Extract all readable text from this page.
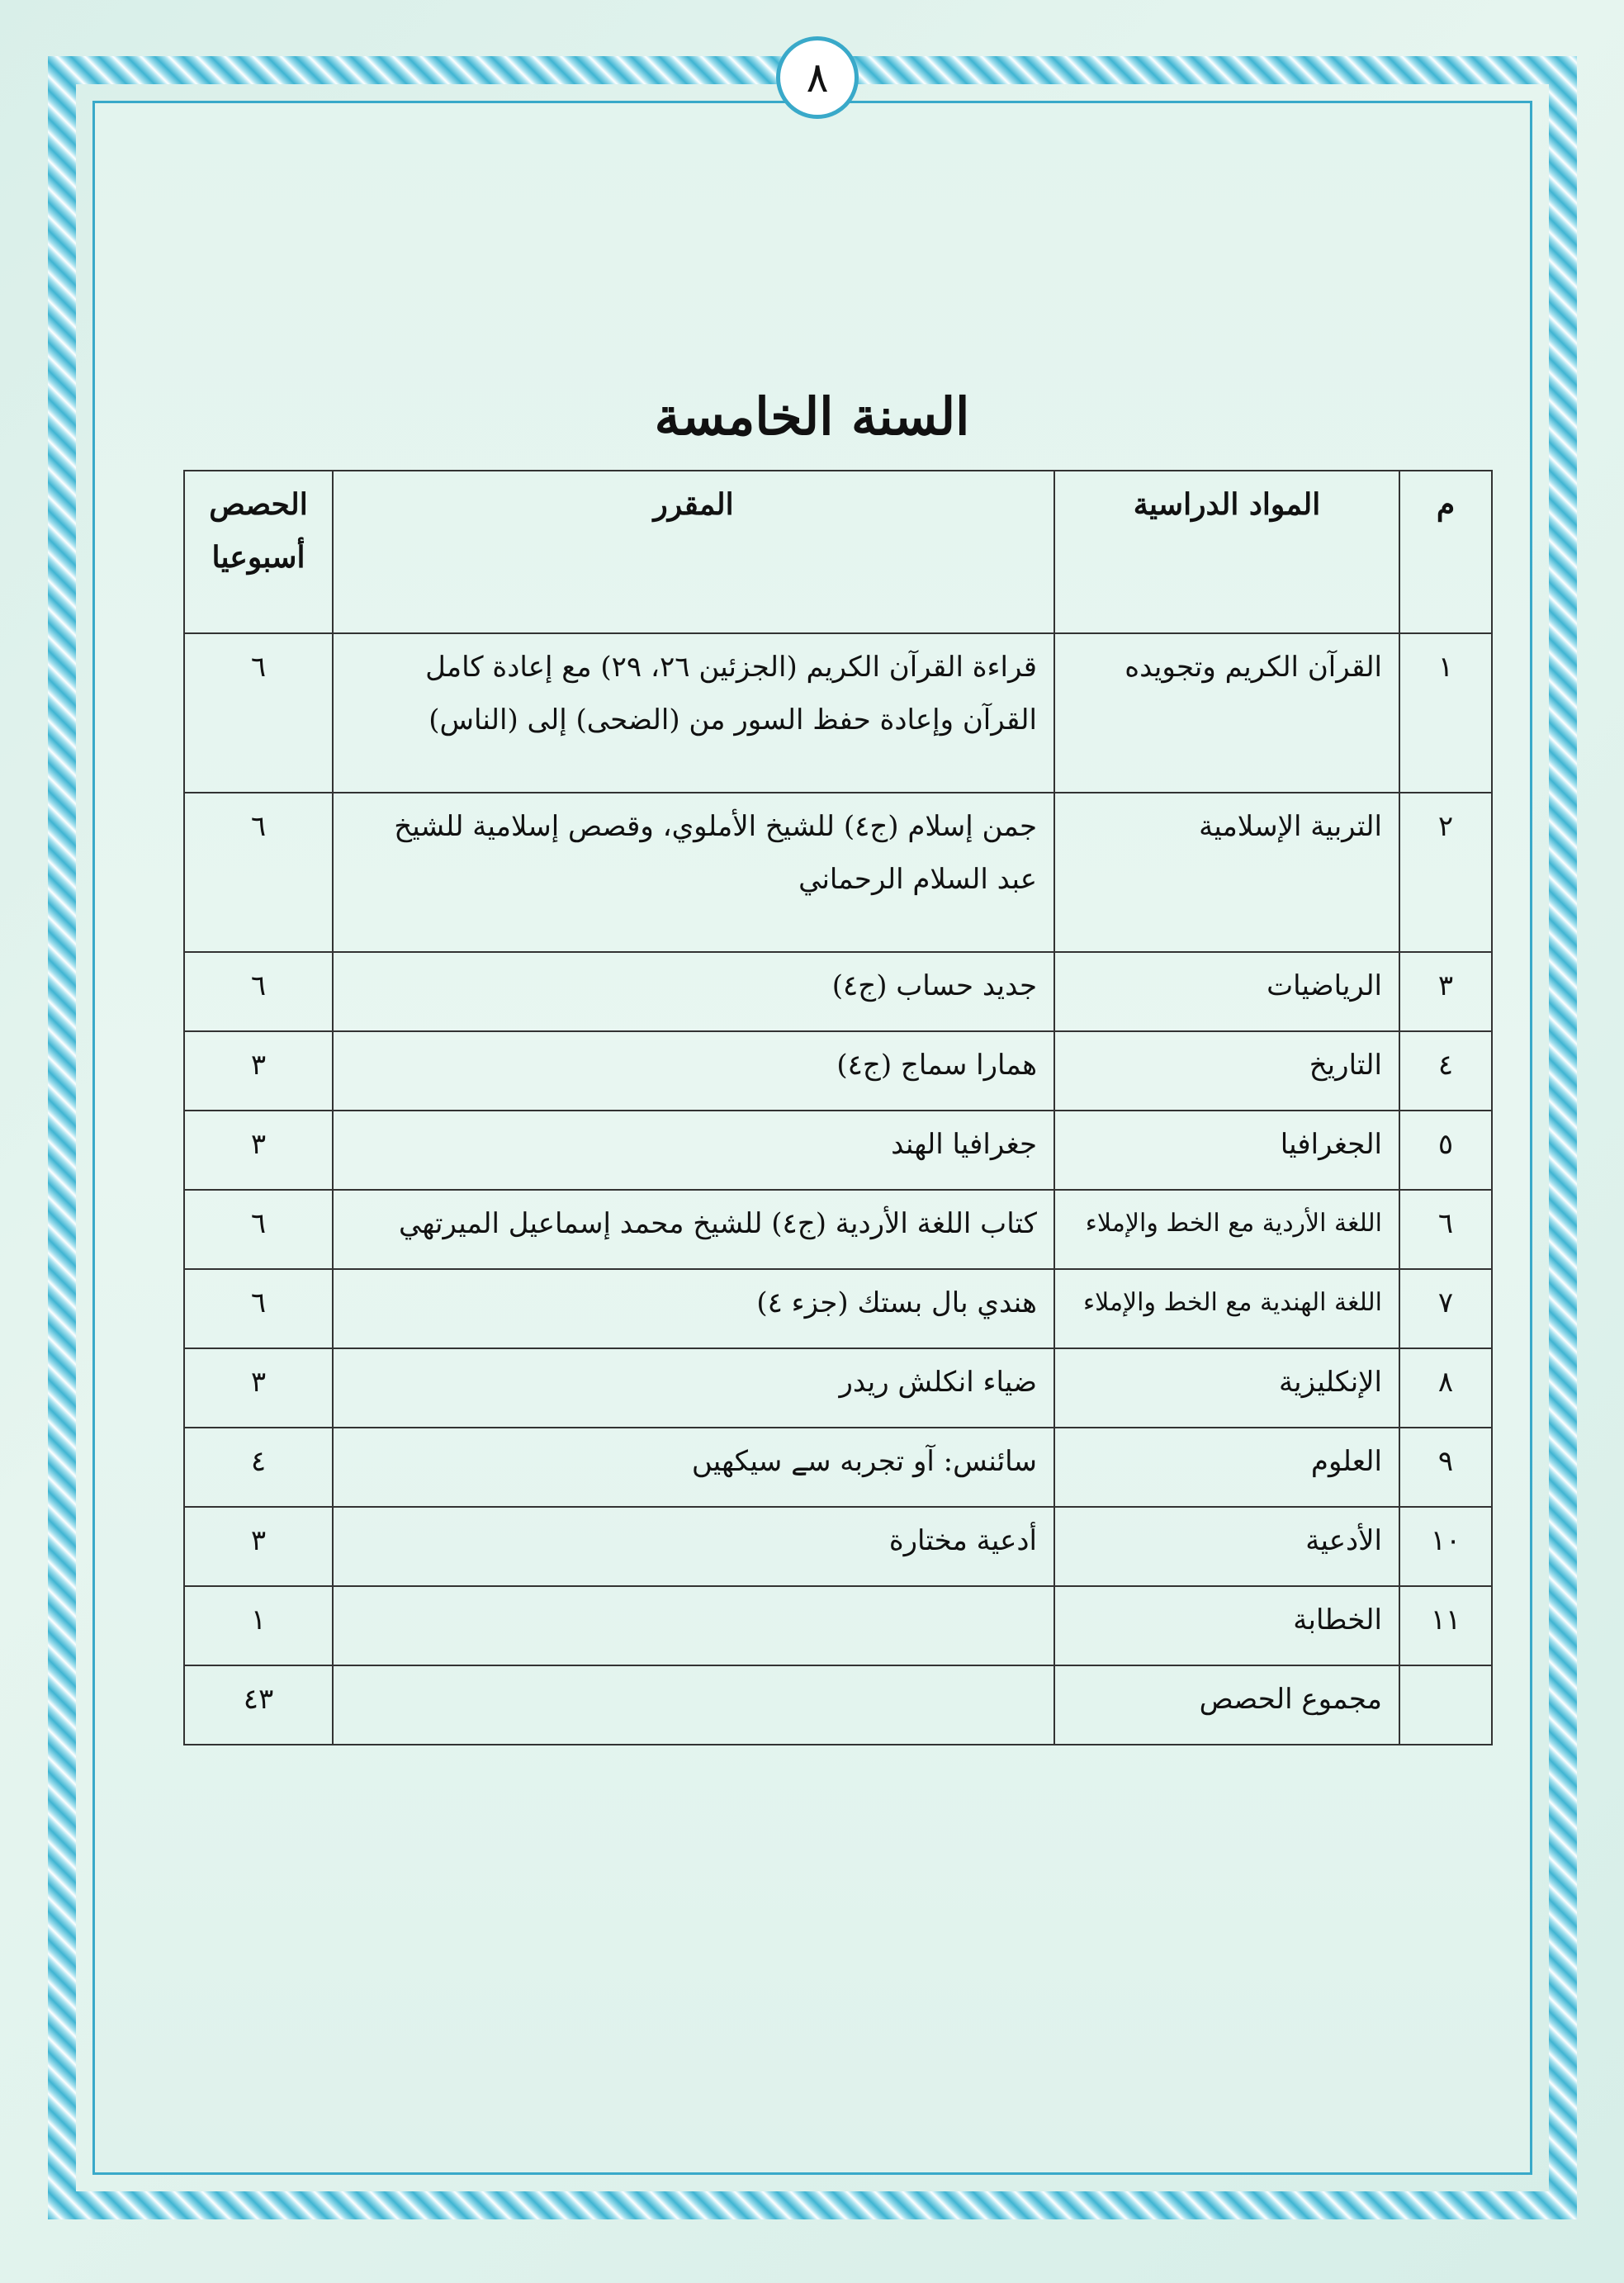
٨
السنة الخامسة
م	المواد الدراسية	المقرر	الحصص
أسبوعيا

١	القرآن الكريم وتجويده	قراءة القرآن الكريم (الجزئين ٢٦، ٢٩) مع إعادة كامل القرآن وإعادة حفظ السور من (الضحى) إلى (الناس)	٦
٢	التربية الإسلامية	جمن إسلام (ج٤) للشيخ الأملوي، وقصص إسلامية للشيخ عبد السلام الرحماني	٦
٣	الرياضيات	جديد حساب (ج٤)	٦
٤	التاريخ	همارا سماج (ج٤)	٣
٥	الجغرافيا	جغرافيا الهند	٣
٦	اللغة الأردية مع الخط والإملاء	كتاب اللغة الأردية (ج٤) للشيخ محمد إسماعيل الميرتهي	٦
٧	اللغة الهندية مع الخط والإملاء	هندي بال بستك (جزء ٤)	٦
٨	الإنكليزية	ضياء انكلش ريدر	٣
٩	العلوم	سائنس: آو تجربه سے سيكهيں	٤
١٠	الأدعية	أدعية مختارة	٣
١١	الخطابة		١
	مجموع الحصص		٤٣
